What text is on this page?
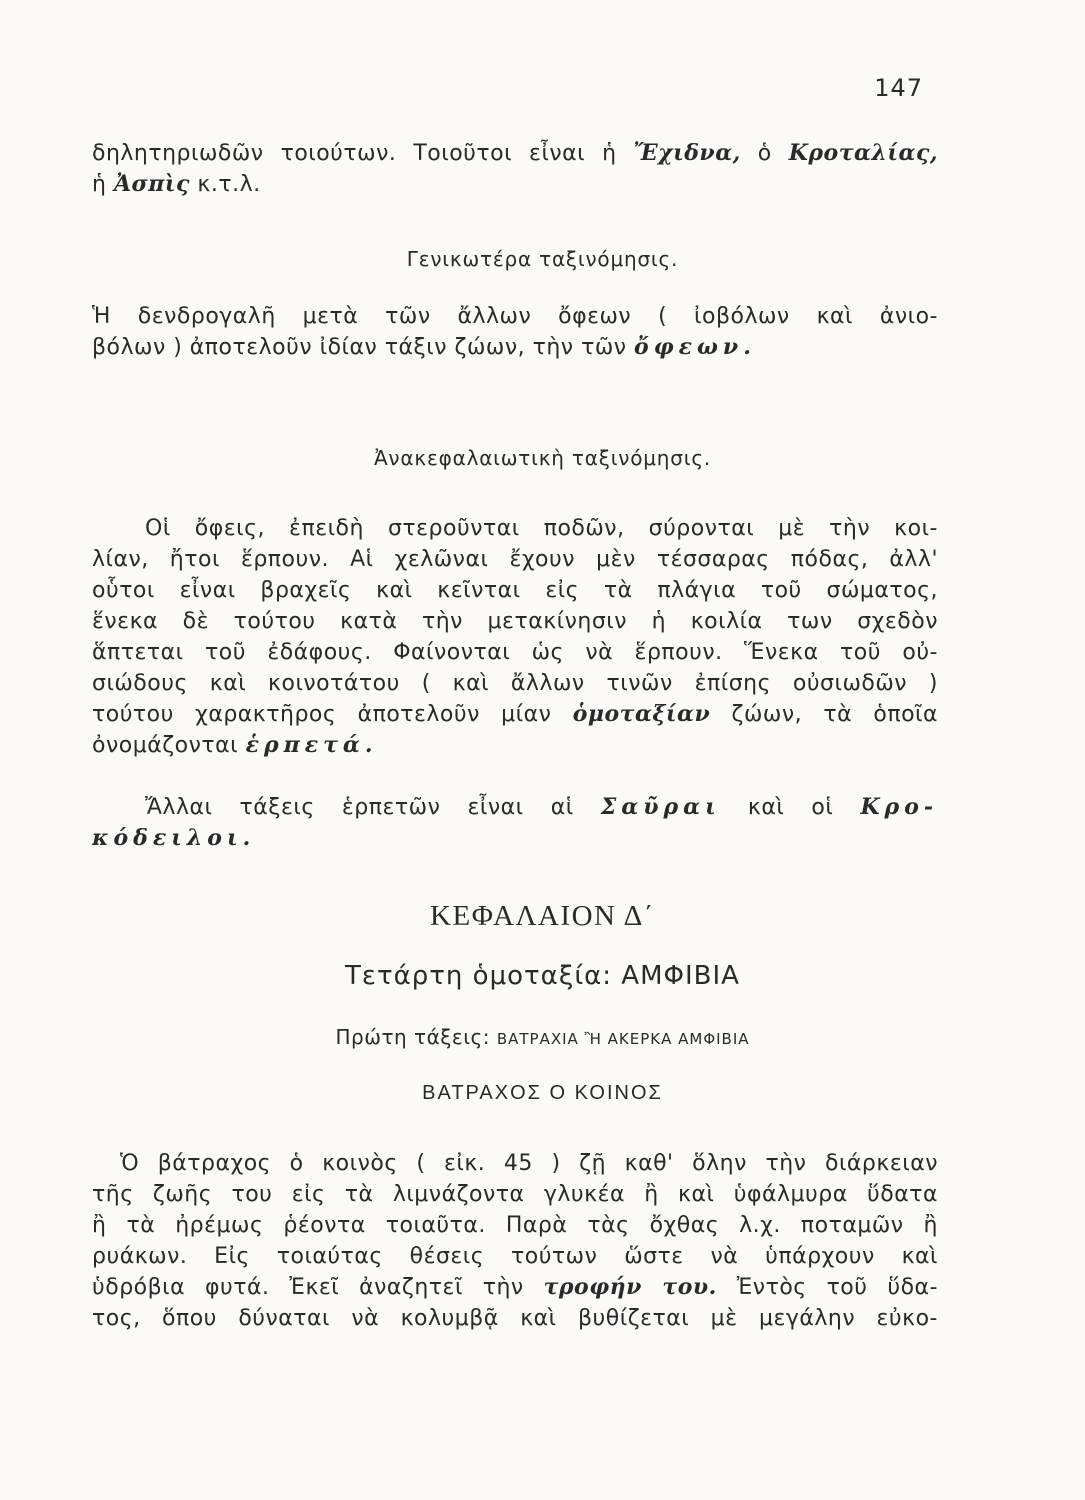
147
δηλητηριωδῶν τοιούτων. Τοιοῦτοι εἶναι ἡ Ἔχιδνα, ὁ Κροταλίας,
ἡ Ἀσπὶς κ.τ.λ.
Γενικωτέρα ταξινόμησις.
Ἡ δενδρογαλῆ μετὰ τῶν ἄλλων ὄφεων ( ἰοβόλων καὶ ἀνιο-
βόλων ) ἀποτελοῦν ἰδίαν τάξιν ζώων, τὴν τῶν ὄφεων.
Ἀνακεφαλαιωτικὴ ταξινόμησις.
Οἱ ὄφεις, ἐπειδὴ στεροῦνται ποδῶν, σύρονται μὲ τὴν κοι-
λίαν, ἤτοι ἕρπουν. Αἱ χελῶναι ἔχουν μὲν τέσσαρας πόδας, ἀλλ'
οὗτοι εἶναι βραχεῖς καὶ κεῖνται εἰς τὰ πλάγια τοῦ σώματος,
ἕνεκα δὲ τούτου κατὰ τὴν μετακίνησιν ἡ κοιλία των σχεδὸν
ἅπτεται τοῦ ἐδάφους. Φαίνονται ὡς νὰ ἕρπουν. Ἕνεκα τοῦ οὐ-
σιώδους καὶ κοινοτάτου ( καὶ ἄλλων τινῶν ἐπίσης οὐσιωδῶν )
τούτου χαρακτῆρος ἀποτελοῦν μίαν ὁμοταξίαν ζώων, τὰ ὁποῖα
ὀνομάζονται ἑρπετά.
Ἄλλαι τάξεις ἑρπετῶν εἶναι αἱ Σαῦραι καὶ οἱ Κρο-
κόδειλοι.
ΚΕΦΑΛΑΙΟΝ Δ΄
Τετάρτη ὁμοταξία: ΑΜΦΙΒΙΑ
Πρώτη τάξεις: ΒΑΤΡΑΧΙΑ Ἢ ΑΚΕΡΚΑ ΑΜΦΙΒΙΑ
ΒΑΤΡΑΧΟΣ Ο ΚΟΙΝΟΣ
Ὁ βάτραχος ὁ κοινὸς ( εἰκ. 45 ) ζῇ καθ' ὅλην τὴν διάρκειαν
τῆς ζωῆς του εἰς τὰ λιμνάζοντα γλυκέα ἢ καὶ ὑφάλμυρα ὕδατα
ἢ τὰ ἠρέμως ῥέοντα τοιαῦτα. Παρὰ τὰς ὄχθας λ.χ. ποταμῶν ἢ
ρυάκων. Εἰς τοιαύτας θέσεις τούτων ὥστε νὰ ὑπάρχουν καὶ
ὑδρόβια φυτά. Ἐκεῖ ἀναζητεῖ τὴν τροφήν του. Ἐντὸς τοῦ ὕδα-
τος, ὅπου δύναται νὰ κολυμβᾷ καὶ βυθίζεται μὲ μεγάλην εὐκο-
